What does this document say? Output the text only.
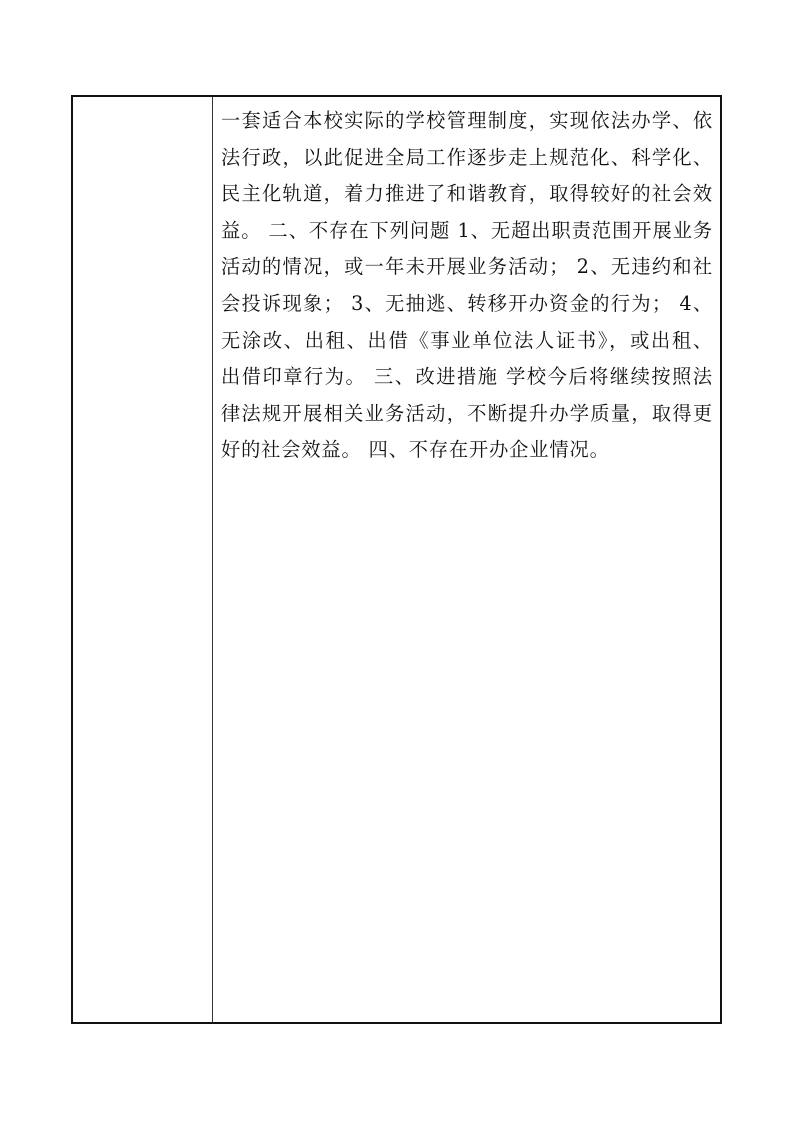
一套适合本校实际的学校管理制度，实现依法办学、依法行政，以此促进全局工作逐步走上规范化、科学化、民主化轨道，着力推进了和谐教育，取得较好的社会效益。 二、不存在下列问题 1、无超出职责范围开展业务活动的情况，或一年未开展业务活动； 2、无违约和社会投诉现象； 3、无抽逃、转移开办资金的行为； 4、无涂改、出租、出借《事业单位法人证书》，或出租、出借印章行为。 三、改进措施 学校今后将继续按照法律法规开展相关业务活动，不断提升办学质量，取得更好的社会效益。 四、不存在开办企业情况。
